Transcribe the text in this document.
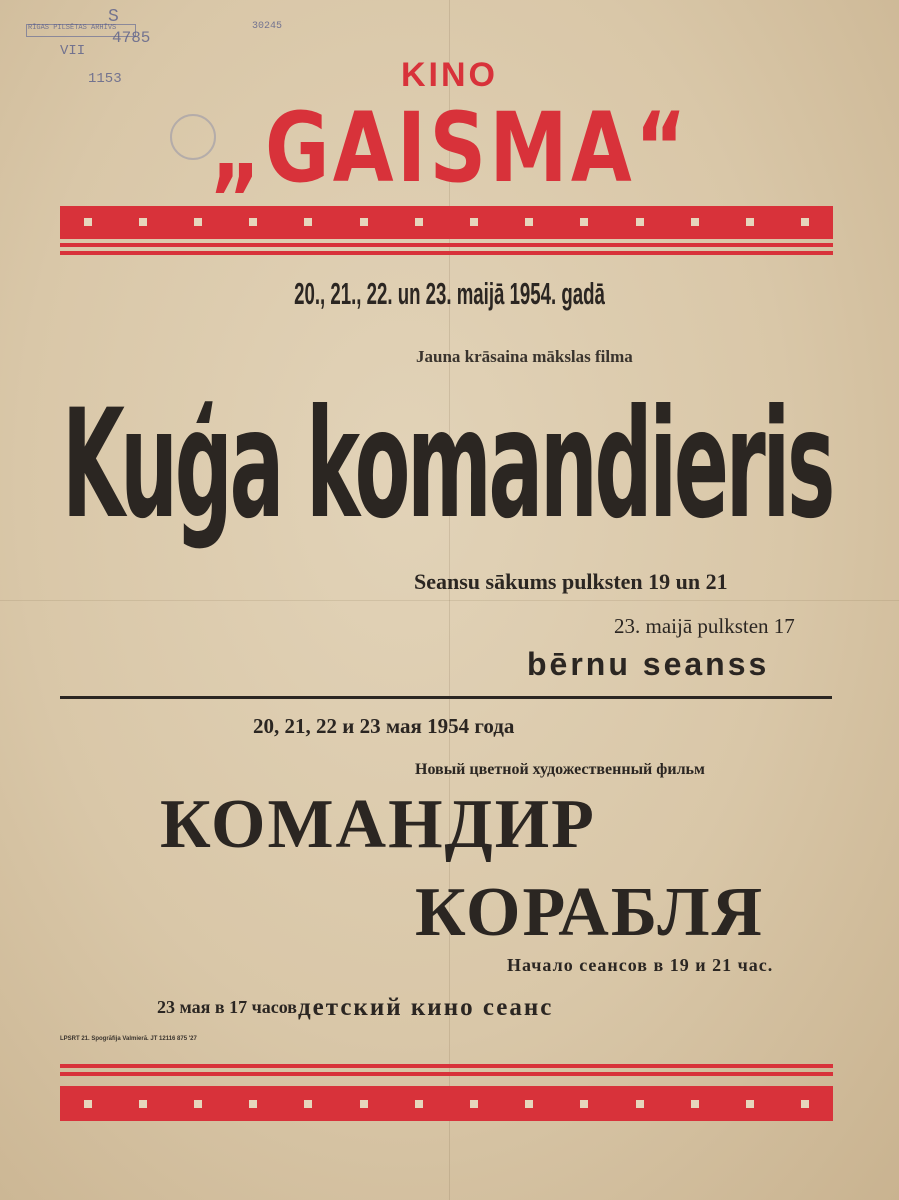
RĪGAS PILSĒTAS ARHĪVS
S
4785
30245
VII
1153	KINO
„GAISMA“
20., 21., 22. un 23. maijā 1954. gadā
Jauna krāsaina mākslas filma
Kuģa komandieris
Seansu sākums pulksten 19 un 21
23. maijā pulksten 17
bērnu seanss
20, 21, 22 и 23 мая 1954 года
Новый цветной художественный фильм
КОМАНДИР
КОРАБЛЯ
Начало сеансов в 19 и 21 час.
23 мая в 17 часов детский кино сеанс
LPSRT 21. Spogrāfija Valmierā. JT 12116 875 '27
